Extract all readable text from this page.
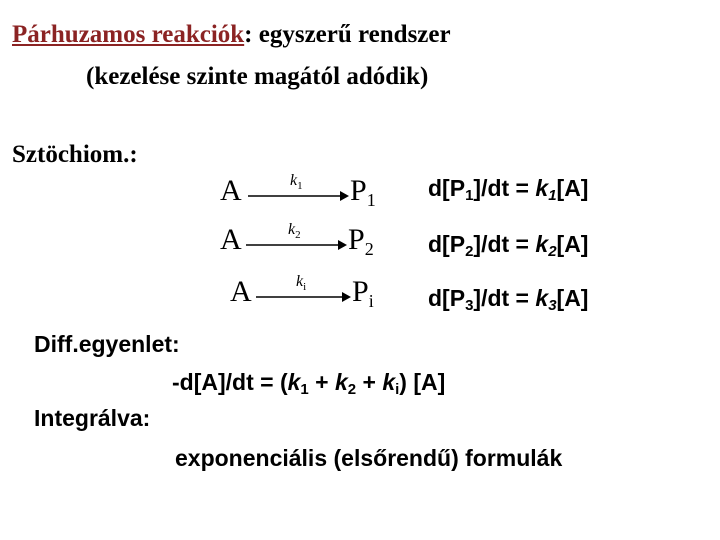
Párhuzamos reakciók: egyszerű rendszer
(kezelése szinte magától adódik)
Sztöchiom.:
A	$k_1$ $P_1$
A	$k_2$ $P_2$
A	$k_i$ $P_i$
$d[P_1]/dt = k_1[A]$
$d[P_2]/dt = k_2[A]$
$d[P_3]/dt = k_3[A]$
Diff.egyenlet:
$-d[A]/dt = (k_1 + k_2 + k_i)$ [A]
Integrálva:
exponenciális (elsőrendű) formulák
